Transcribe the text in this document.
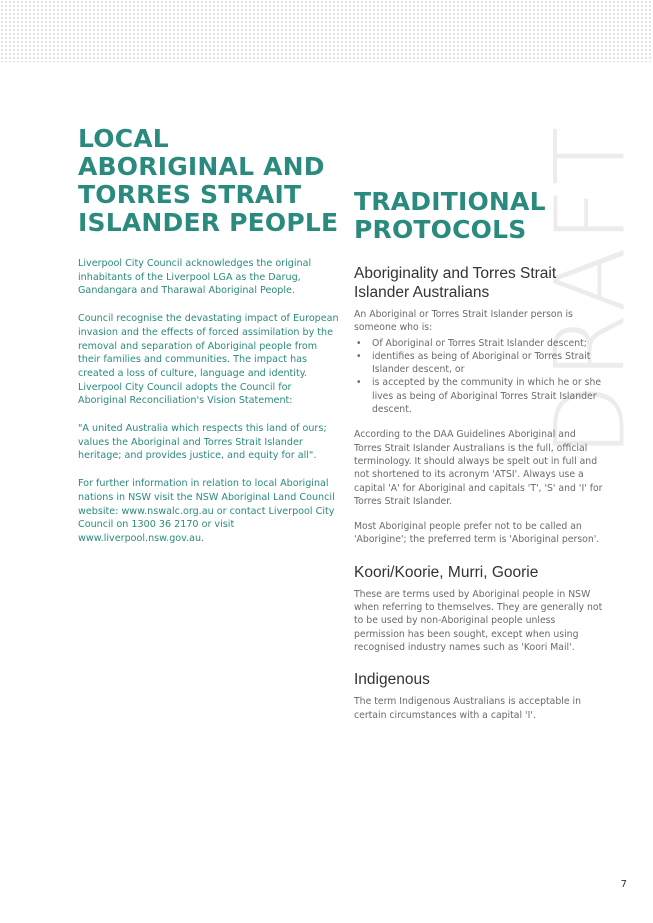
DRAFT
LOCAL ABORIGINAL AND TORRES STRAIT ISLANDER PEOPLE

Liverpool City Council acknowledges the original inhabitants of the Liverpool LGA as the Darug, Gandangara and Tharawal Aboriginal People.

Council recognise the devastating impact of European invasion and the effects of forced assimilation by the removal and separation of Aboriginal people from their families and communities. The impact has created a loss of culture, language and identity. Liverpool City Council adopts the Council for Aboriginal Reconciliation's Vision Statement:

"A united Australia which respects this land of ours; values the Aboriginal and Torres Strait Islander heritage; and provides justice, and equity for all".

For further information in relation to local Aboriginal nations in NSW visit the NSW Aboriginal Land Council website: www.nswalc.org.au or contact Liverpool City Council on 1300 36 2170 or visit www.liverpool.nsw.gov.au.

TRADITIONAL PROTOCOLS
Aboriginality and Torres Strait Islander Australians

An Aboriginal or Torres Strait Islander person is someone who is:

• Of Aboriginal or Torres Strait Islander descent;
• identifies as being of Aboriginal or Torres Strait Islander descent, or
• is accepted by the community in which he or she lives as being of Aboriginal Torres Strait Islander descent.

According to the DAA Guidelines Aboriginal and Torres Strait Islander Australians is the full, official terminology. It should always be spelt out in full and not shortened to its acronym 'ATSI'. Always use a capital 'A' for Aboriginal and capitals 'T', 'S' and 'I' for Torres Strait Islander.

Most Aboriginal people prefer not to be called an 'Aborigine'; the preferred term is 'Aboriginal person'.

Koori/Koorie, Murri, Goorie

These are terms used by Aboriginal people in NSW when referring to themselves. They are generally not to be used by non-Aboriginal people unless permission has been sought, except when using recognised industry names such as 'Koori Mail'.

Indigenous

The term Indigenous Australians is acceptable in certain circumstances with a capital 'I'.

7
